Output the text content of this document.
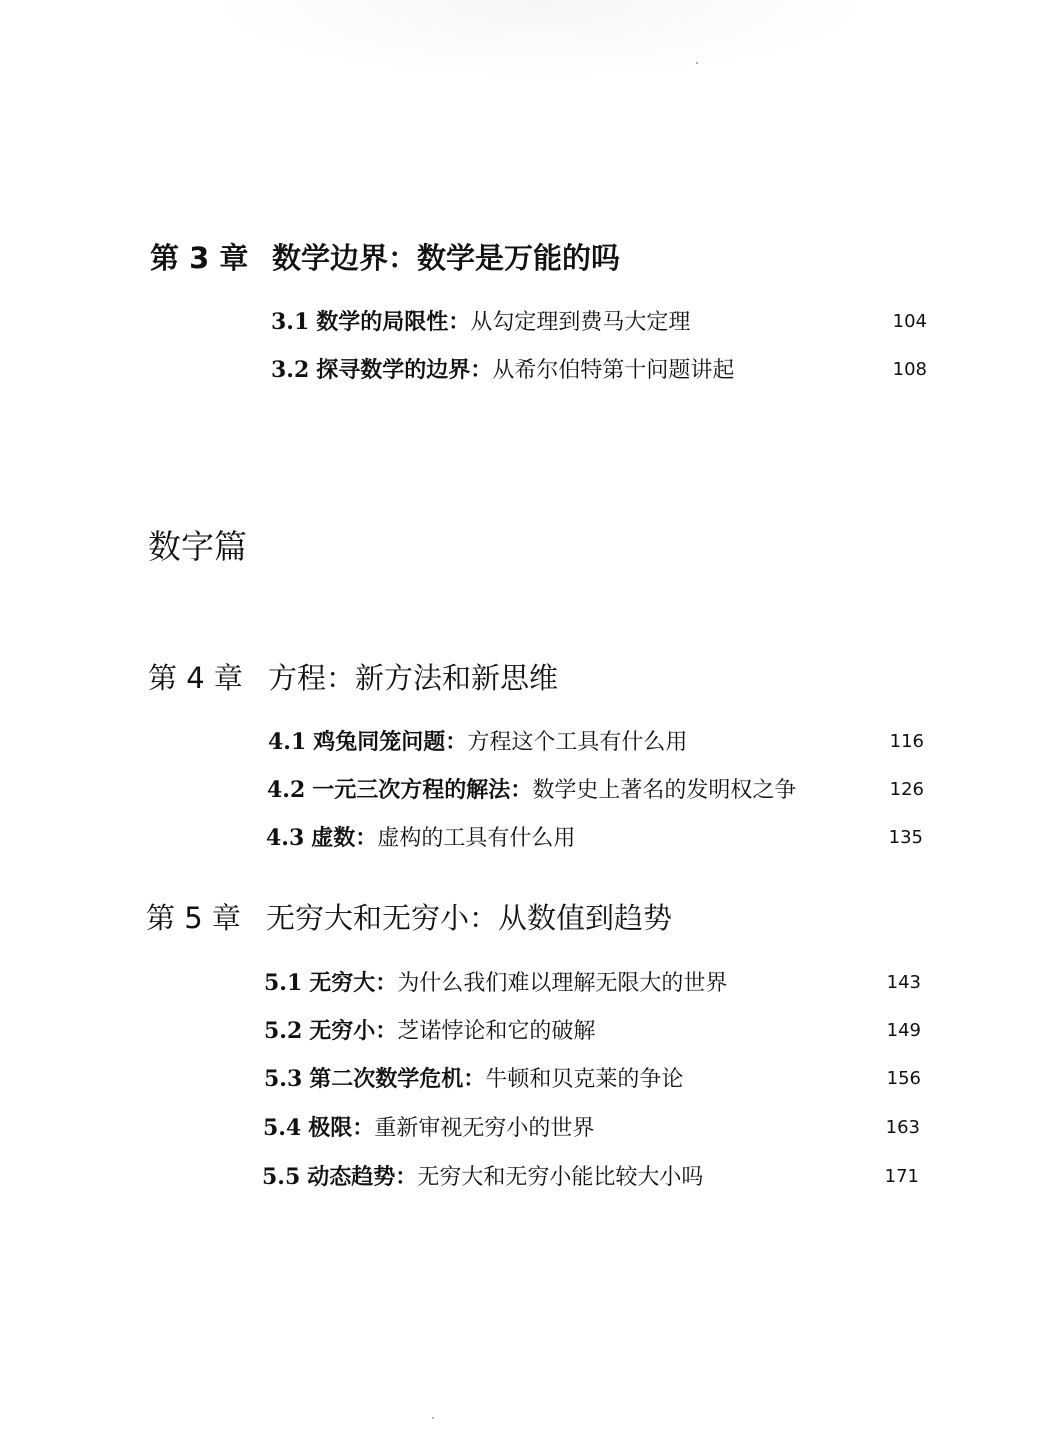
第 3 章 数学边界：数学是万能的吗
3.1 数学的局限性：从勾定理到费马大定理	104
3.2 探寻数学的边界：从希尔伯特第十问题讲起	108
数字篇
第 4 章 方程：新方法和新思维
4.1 鸡兔同笼问题：方程这个工具有什么用	116
4.2 一元三次方程的解法：数学史上著名的发明权之争	126
4.3 虚数：虚构的工具有什么用	135
第 5 章 无穷大和无穷小：从数值到趋势
5.1 无穷大：为什么我们难以理解无限大的世界	143
5.2 无穷小：芝诺悖论和它的破解	149
5.3 第二次数学危机：牛顿和贝克莱的争论	156
5.4 极限：重新审视无穷小的世界	163
5.5 动态趋势：无穷大和无穷小能比较大小吗	171
